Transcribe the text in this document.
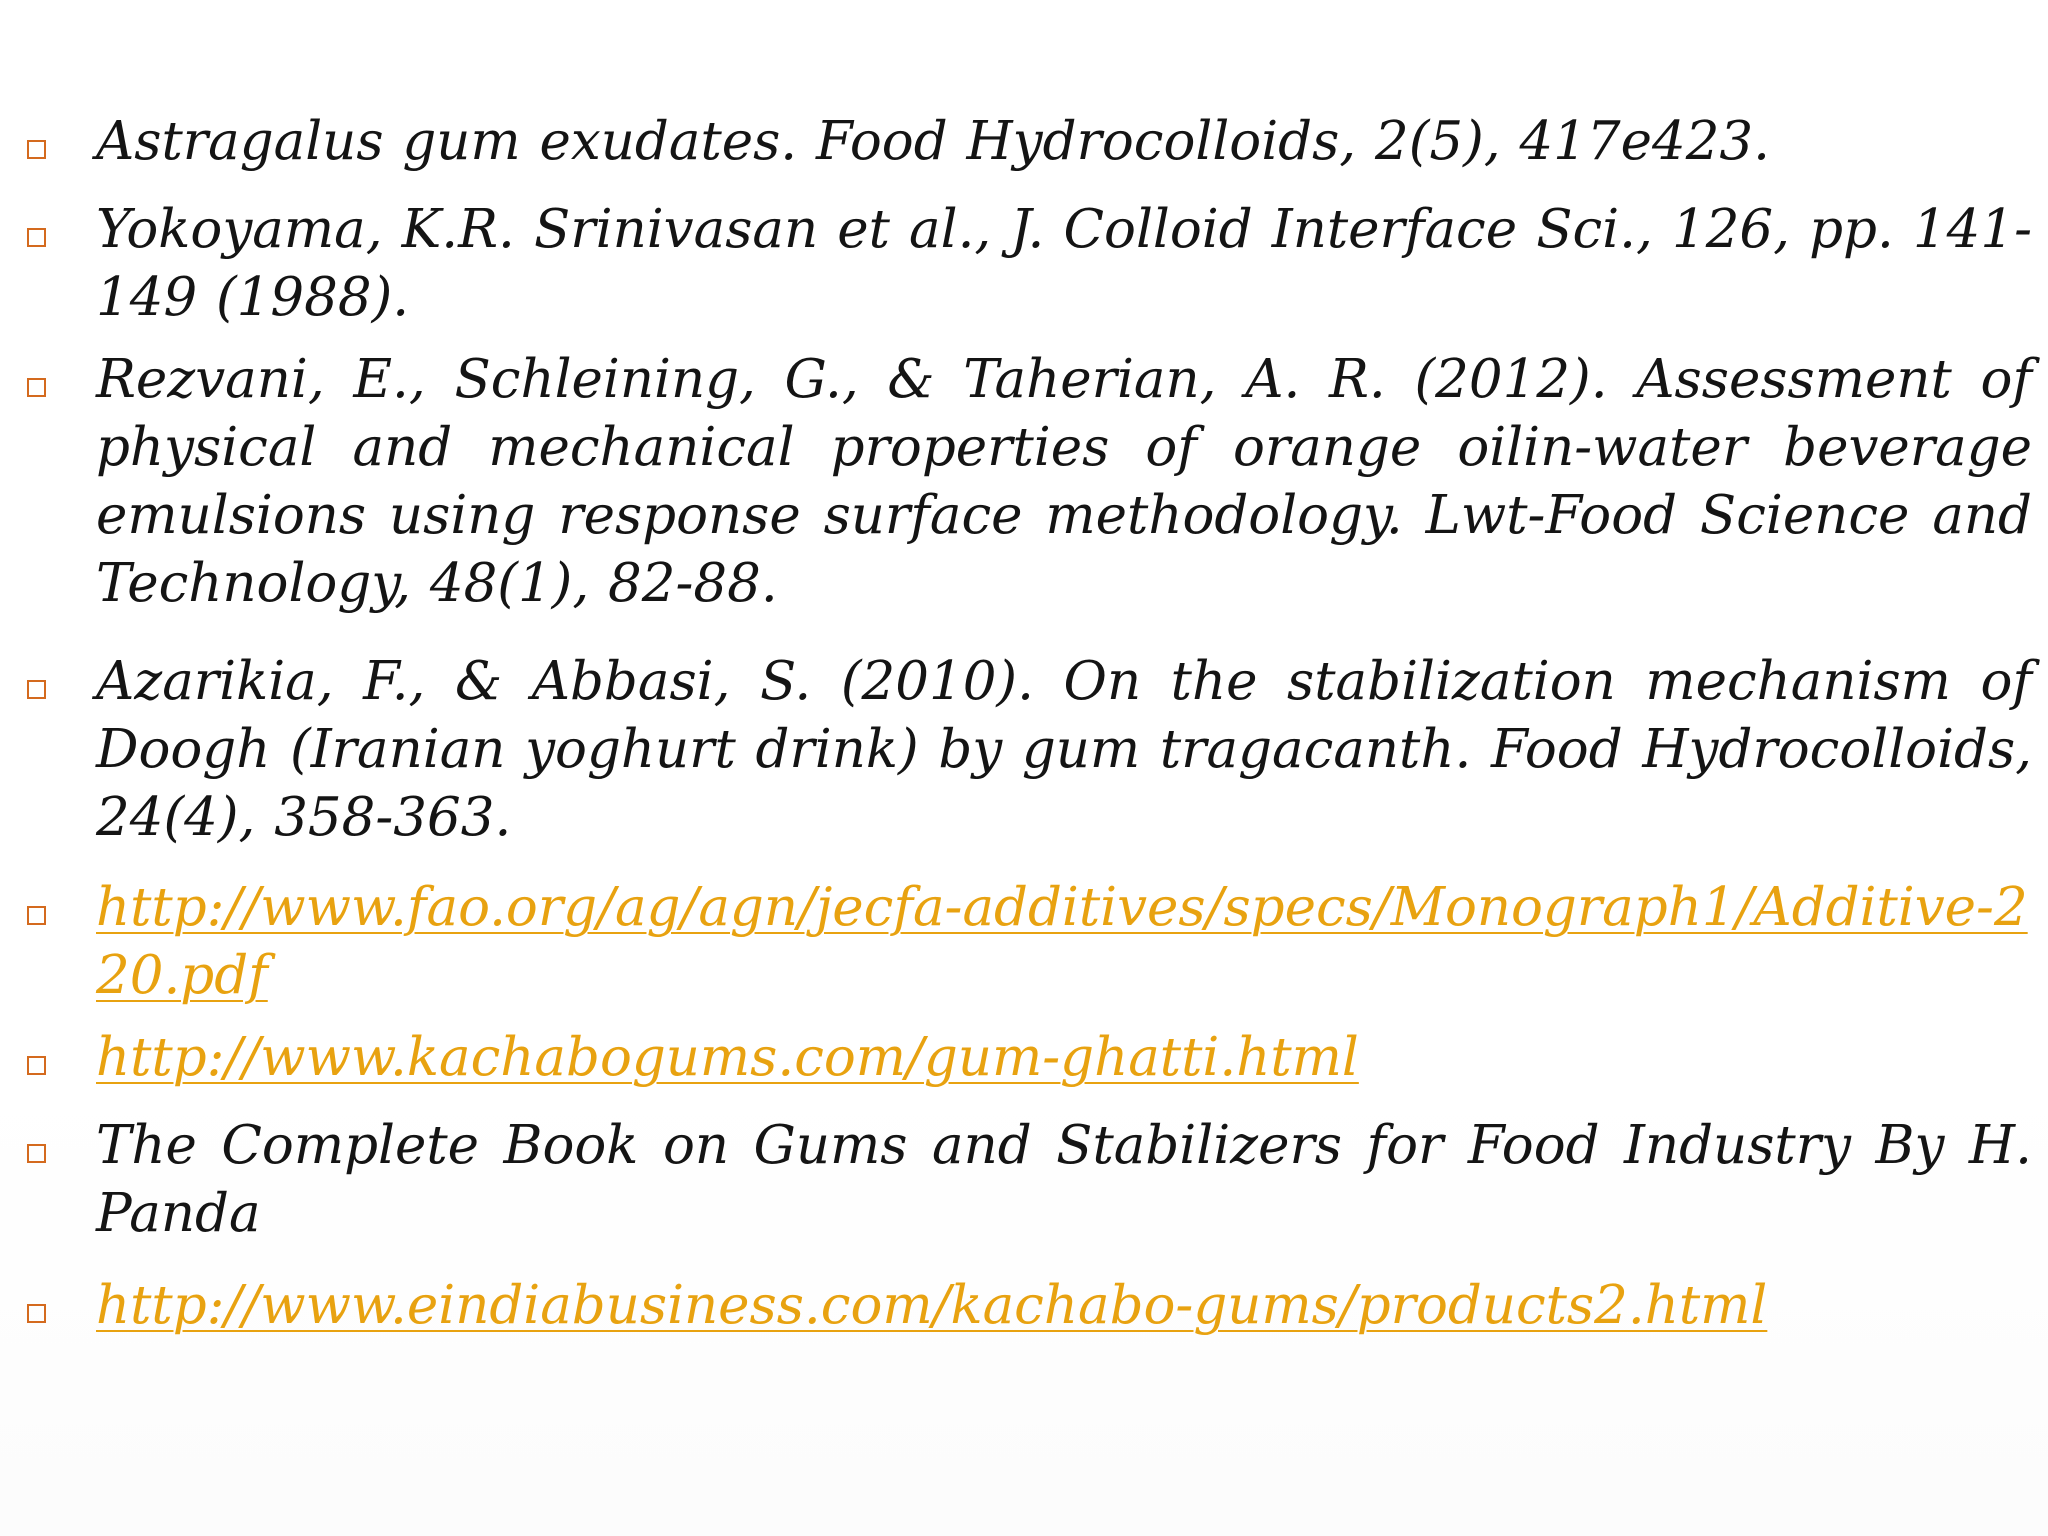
Astragalus gum exudates. Food Hydrocolloids, 2(5), 417e423.

Yokoyama, K.R. Srinivasan et al., J. Colloid Interface Sci., 126, pp. 141-149 (1988).

Rezvani, E., Schleining, G., & Taherian, A. R. (2012). Assessment of physical and mechanical properties of orange oilin-water beverage emulsions using response surface methodology. Lwt-Food Science and Technology, 48(1), 82-88.

Azarikia, F., & Abbasi, S. (2010). On the stabilization mechanism of Doogh (Iranian yoghurt drink) by gum tragacanth. Food Hydrocolloids, 24(4), 358-363.

http://www.fao.org/ag/agn/jecfa-additives/specs/Monograph1/Additive-220.pdf
http://www.kachabogums.com/gum-ghatti.html

The Complete Book on Gums and Stabilizers for Food Industry By H. Panda

http://www.eindiabusiness.com/kachabo-gums/products2.html
